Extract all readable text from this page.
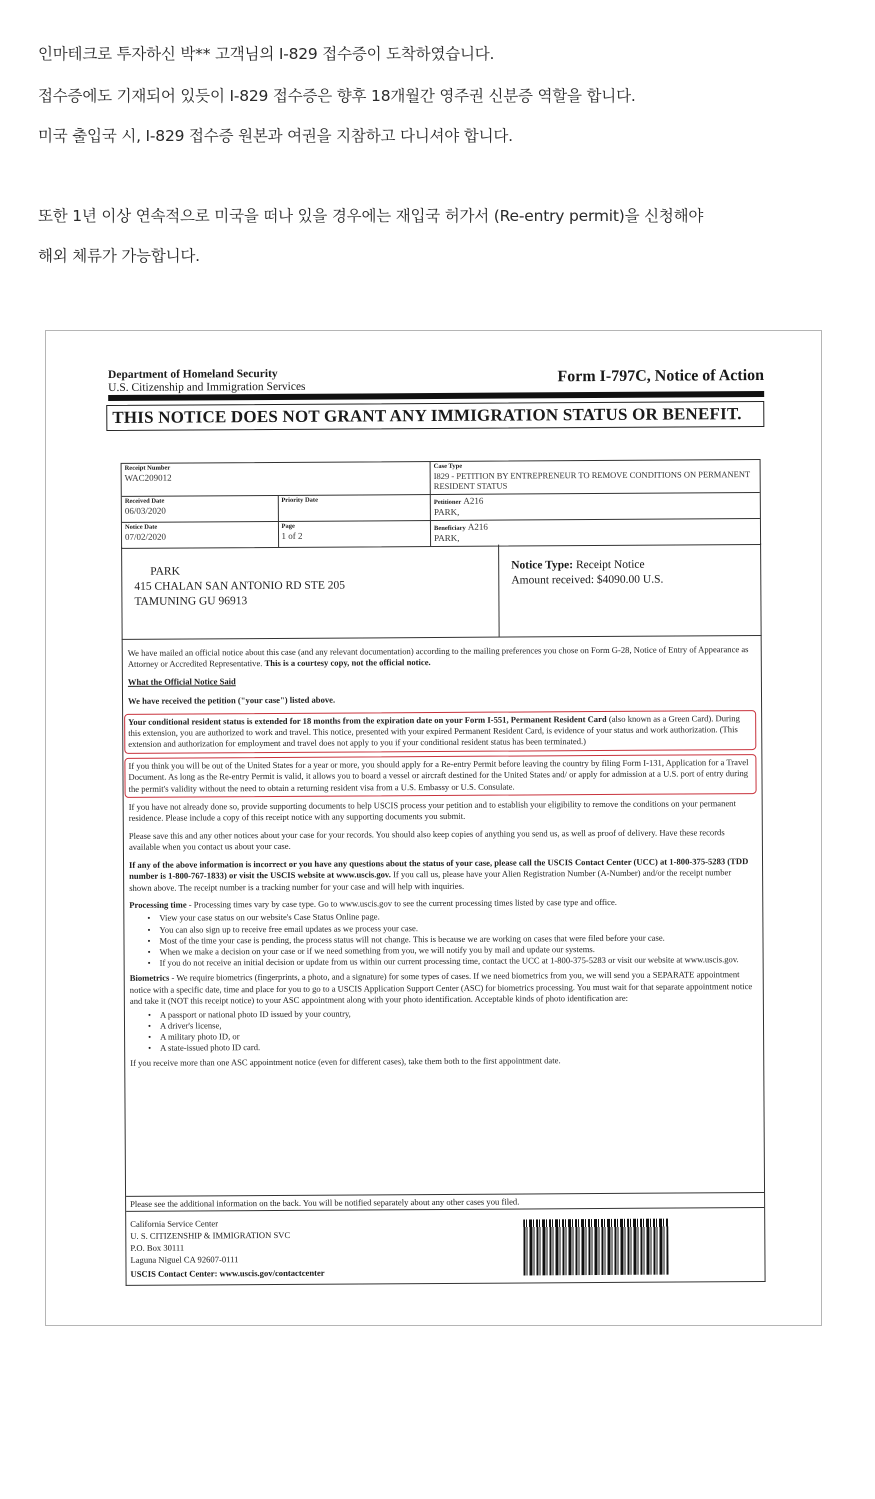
인마테크로 투자하신 박** 고객님의 I-829 접수증이 도착하였습니다.

접수증에도 기재되어 있듯이 I-829 접수증은 향후 18개월간 영주권 신분증 역할을 합니다.

미국 출입국 시, I-829 접수증 원본과 여권을 지참하고 다니셔야 합니다.

또한 1년 이상 연속적으로 미국을 떠나 있을 경우에는 재입국 허가서 (Re-entry permit)을 신청해야

해외 체류가 가능합니다.

Department of Homeland Security
U.S. Citizenship and Immigration Services
Form I-797C, Notice of Action
THIS NOTICE DOES NOT GRANT ANY IMMIGRATION STATUS OR BENEFIT.
Receipt Number
WAC209012
Case Type
I829 - PETITION BY ENTREPRENEUR TO REMOVE CONDITIONS ON PERMANENT RESIDENT STATUS
Received Date
06/03/2020
Priority Date	Petitioner A216
PARK,
Notice Date
07/02/2020
Page
1 of 2
Beneficiary A216
PARK,
PARK
415 CHALAN SAN ANTONIO RD STE 205
TAMUNING GU 96913
Notice Type: Receipt Notice
Amount received: $4090.00 U.S.

We have mailed an official notice about this case (and any relevant documentation) according to the mailing preferences you chose on Form G-28, Notice of Entry of Appearance as Attorney or Accredited Representative. This is a courtesy copy, not the official notice.

What the Official Notice Said

We have received the petition ("your case") listed above.

Your conditional resident status is extended for 18 months from the expiration date on your Form I-551, Permanent Resident Card (also known as a Green Card). During this extension, you are authorized to work and travel. This notice, presented with your expired Permanent Resident Card, is evidence of your status and work authorization. (This extension and authorization for employment and travel does not apply to you if your conditional resident status has been terminated.)
If you think you will be out of the United States for a year or more, you should apply for a Re-entry Permit before leaving the country by filing Form I-131, Application for a Travel Document. As long as the Re-entry Permit is valid, it allows you to board a vessel or aircraft destined for the United States and/ or apply for admission at a U.S. port of entry during the permit's validity without the need to obtain a returning resident visa from a U.S. Embassy or U.S. Consulate.

If you have not already done so, provide supporting documents to help USCIS process your petition and to establish your eligibility to remove the conditions on your permanent residence. Please include a copy of this receipt notice with any supporting documents you submit.

Please save this and any other notices about your case for your records. You should also keep copies of anything you send us, as well as proof of delivery. Have these records available when you contact us about your case.

If any of the above information is incorrect or you have any questions about the status of your case, please call the USCIS Contact Center (UCC) at 1-800-375-5283 (TDD number is 1-800-767-1833) or visit the USCIS website at www.uscis.gov. If you call us, please have your Alien Registration Number (A-Number) and/or the receipt number shown above. The receipt number is a tracking number for your case and will help with inquiries.

Processing time - Processing times vary by case type. Go to www.uscis.gov to see the current processing times listed by case type and office.

• View your case status on our website's Case Status Online page.
• You can also sign up to receive free email updates as we process your case.
• Most of the time your case is pending, the process status will not change. This is because we are working on cases that were filed before your case.
• When we make a decision on your case or if we need something from you, we will notify you by mail and update our systems.
• If you do not receive an initial decision or update from us within our current processing time, contact the UCC at 1-800-375-5283 or visit our website at www.uscis.gov.

Biometrics - We require biometrics (fingerprints, a photo, and a signature) for some types of cases. If we need biometrics from you, we will send you a SEPARATE appointment notice with a specific date, time and place for you to go to a USCIS Application Support Center (ASC) for biometrics processing. You must wait for that separate appointment notice and take it (NOT this receipt notice) to your ASC appointment along with your photo identification. Acceptable kinds of photo identification are:

• A passport or national photo ID issued by your country,
• A driver's license,
• A military photo ID, or
• A state-issued photo ID card.

If you receive more than one ASC appointment notice (even for different cases), take them both to the first appointment date.

Please see the additional information on the back. You will be notified separately about any other cases you filed.
California Service Center
U. S. CITIZENSHIP & IMMIGRATION SVC
P.O. Box 30111
Laguna Niguel CA 92607-0111
USCIS Contact Center: www.uscis.gov/contactcenter
